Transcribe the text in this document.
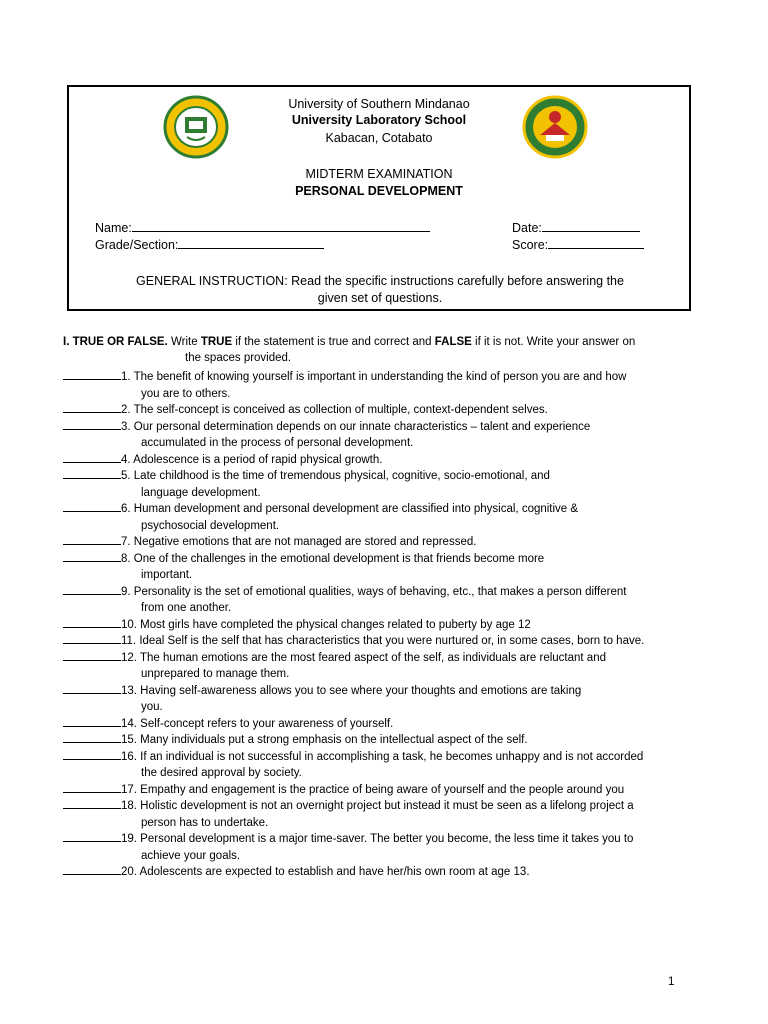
University of Southern Mindanao
University Laboratory School
Kabacan, Cotabato
MIDTERM EXAMINATION
PERSONAL DEVELOPMENT
Name:	Date:
Grade/Section:	Score:
GENERAL INSTRUCTION: Read the specific instructions carefully before answering the
given set of questions.
I. TRUE OR FALSE. Write TRUE if the statement is true and correct and FALSE if it is not. Write your answer on
the spaces provided.
1. The benefit of knowing yourself is important in understanding the kind of person you are and how
you are to others.
2. The self-concept is conceived as collection of multiple, context-dependent selves.
3. Our personal determination depends on our innate characteristics – talent and experience
accumulated in the process of personal development.
4. Adolescence is a period of rapid physical growth.
5. Late childhood is the time of tremendous physical, cognitive, socio-emotional, and
language development.
6. Human development and personal development are classified into physical, cognitive &
psychosocial development.
7. Negative emotions that are not managed are stored and repressed.
8. One of the challenges in the emotional development is that friends become more
important.
9. Personality is the set of emotional qualities, ways of behaving, etc., that makes a person different
from one another.
10. Most girls have completed the physical changes related to puberty by age 12
11. Ideal Self is the self that has characteristics that you were nurtured or, in some cases, born to have.
12. The human emotions are the most feared aspect of the self, as individuals are reluctant and
unprepared to manage them.
13. Having self-awareness allows you to see where your thoughts and emotions are taking
you.
14. Self-concept refers to your awareness of yourself.
15. Many individuals put a strong emphasis on the intellectual aspect of the self.
16. If an individual is not successful in accomplishing a task, he becomes unhappy and is not accorded
the desired approval by society.
17. Empathy and engagement is the practice of being aware of yourself and the people around you
18. Holistic development is not an overnight project but instead it must be seen as a lifelong project a
person has to undertake.
19. Personal development is a major time-saver. The better you become, the less time it takes you to
achieve your goals.
20. Adolescents are expected to establish and have her/his own room at age 13.
1
